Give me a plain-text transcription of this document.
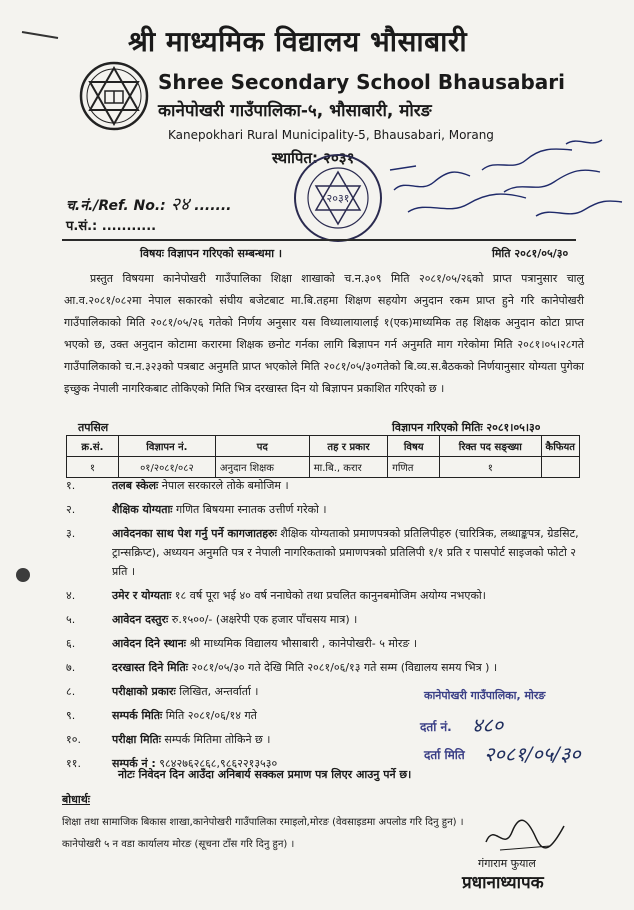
श्री माध्यमिक विद्यालय भौसाबारी
Shree Secondary School Bhausabari
कानेपोखरी गाउँपालिका-५, भौसाबारी, मोरङ
Kanepokhari Rural Municipality-5, Bhausabari, Morang
स्थापित: २०३१
२०३१
च.नं./Ref. No.: २४ .......
प.सं.: ...........
विषयः विज्ञापन गरिएको सम्बन्धमा ।	मिति २०८१/०५/३०
प्रस्तुत विषयमा कानेपोखरी गाउँपालिका शिक्षा शाखाको च.न.३०९ मिति २०८१/०५/२६को प्राप्त पत्रानुसार चालु आ.व.२०८१/०८२मा नेपाल सकारको संघीय बजेटबाट मा.बि.तहमा शिक्षण सहयोग अनुदान रकम प्राप्त हुने गरि कानेपोखरी गाउँपालिकाको मिति २०८१/०५/२६ गतेको निर्णय अनुसार यस विध्यालायालाई १(एक)माध्यमिक तह शिक्षक अनुदान कोटा प्राप्त भएको छ, उक्त अनुदान कोटामा करारमा शिक्षक छनोट गर्नका लागि बिज्ञापन गर्न अनुमति माग गरेकोमा मिति २०८१।०५।२८गते गाउँपालिकाको च.न.३२३को पत्रबाट अनुमति प्राप्त भएकोले मिति २०८१/०५/३०गतेको बि.व्य.स.बैठकको निर्णयानुसार योग्यता पुगेका इच्छुक नेपाली नागरिकबाट तोकिएको मिति भित्र दरखास्त दिन यो बिज्ञापन प्रकाशित गरिएको छ ।
तपसिल	विज्ञापन गरिएको मितिः २०८१।०५।३०
क्र.सं.	विज्ञापन नं.	पद	तह र प्रकार	विषय	रिक्त पद सङ्ख्या	कैफियत
१	०१/२०८१/०८२	अनुदान शिक्षक	मा.बि., करार	गणित	१	
१.	तलब स्केलः नेपाल सरकारले तोके बमोजिम ।
२.	शैक्षिक योग्यताः गणित बिषयमा स्नातक उत्तीर्ण गरेको ।
३.	आवेदनका साथ पेश गर्नु पर्ने कागजातहरुः शैक्षिक योग्यताको प्रमाणपत्रको प्रतिलिपीहरु (चारित्रिक, लब्धाङ्कपत्र, ग्रेडसिट, ट्रान्सक्रिप्ट), अध्ययन अनुमति पत्र र नेपाली नागरिकताको प्रमाणपत्रको प्रतिलिपी १/१ प्रति र पासपोर्ट साइजको फोटो २ प्रति ।
४.	उमेर र योग्यताः १८ वर्ष पूरा भई ४० वर्ष ननाघेको तथा प्रचलित कानुनबमोजिम अयोग्य नभएको।
५.	आवेदन दस्तुरः रु.१५००/- (अक्षरेपी एक हजार पाँचसय मात्र) ।
६.	आवेदन दिने स्थानः श्री माध्यमिक विद्यालय भौसाबारी , कानेपोखरी- ५ मोरङ ।
७.	दरखास्त दिने मितिः २०८१/०५/३० गते देखि मिति २०८१/०६/१३ गते सम्म (विद्यालय समय भित्र ) ।
८.	परीक्षाको प्रकारः लिखित, अन्तर्वार्ता ।
९.	सम्पर्क मितिः मिति २०८१/०६/१४ गते
१०.	परीक्षा मितिः सम्पर्क मितिमा तोकिने छ ।
११.	सम्पर्क नं : ९८४२७६२८६८,९८६२२१३५३०
नोटः निवेदन दिन आउँदा अनिबार्य सक्कल प्रमाण पत्र लिएर आउनु पर्ने छ।
कानेपोखरी गाउँपालिका, मोरङ
दर्ता नं. ४८०
दर्ता मिति २०८१/०५/३०
बोधार्थः
शिक्षा तथा सामाजिक बिकास शाखा,कानेपोखरी गाउँपालिका रमाइलो,मोरङ (वेवसाइडमा अपलोड गरि दिनु हुन) ।
कानेपोखरी ५ न वडा कार्यालय मोरङ (सूचना टाँस गरि दिनु हुन) ।
गंगाराम फुयाल
प्रधानाध्यापक
